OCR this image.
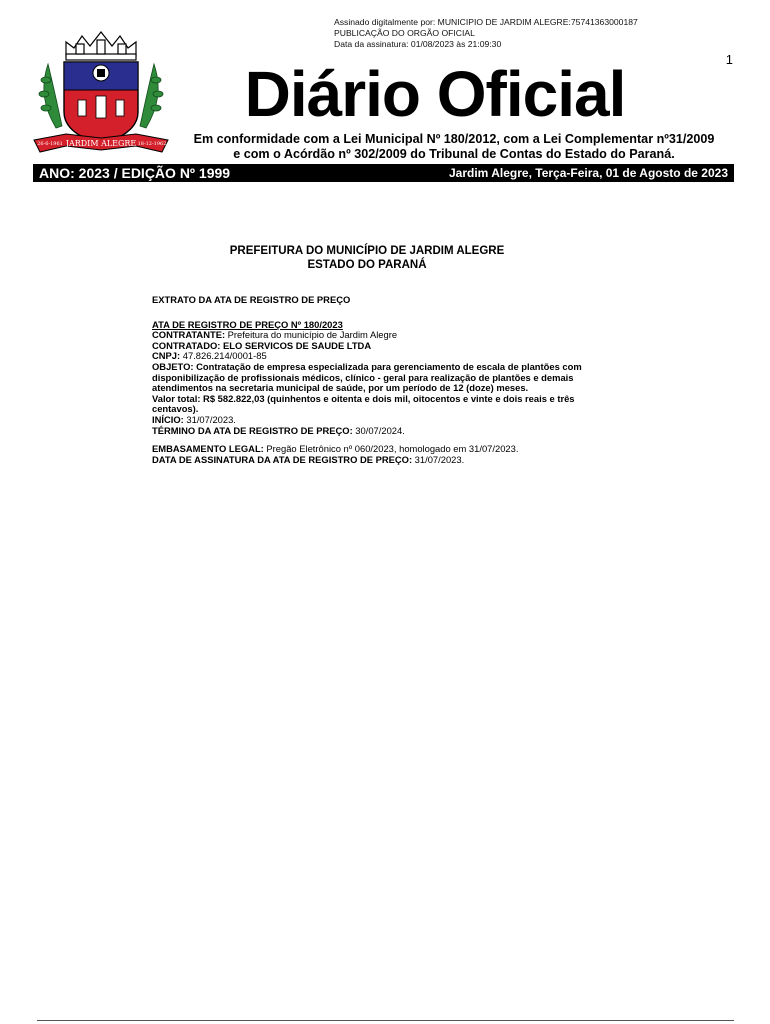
Assinado digitalmente por: MUNICIPIO DE JARDIM ALEGRE:75741363000187
PUBLICAÇÃO DO ORGÃO OFICIAL
Data da assinatura: 01/08/2023 às 21:09:30
1
JARDIM ALEGRE
26-6-1961	18-12-1962
Diário Oficial
Em conformidade com a Lei Municipal Nº 180/2012, com a Lei Complementar nº31/2009
e com o Acórdão nº 302/2009 do Tribunal de Contas do Estado do Paraná.
ANO: 2023 / EDIÇÃO Nº 1999	Jardim Alegre, Terça-Feira, 01 de Agosto de 2023
PREFEITURA DO MUNICÍPIO DE JARDIM ALEGRE
ESTADO DO PARANÁ

EXTRATO DA ATA DE REGISTRO DE PREÇO

ATA DE REGISTRO DE PREÇO Nº 180/2023

CONTRATANTE: Prefeitura do município de Jardim Alegre

CONTRATADO: ELO SERVICOS DE SAUDE LTDA

CNPJ: 47.826.214/0001-85

OBJETO: Contratação de empresa especializada para gerenciamento de escala de plantões com disponibilização de profissionais médicos, clínico - geral para realização de plantões e demais atendimentos na secretaria municipal de saúde, por um período de 12 (doze) meses.

Valor total: R$ 582.822,03 (quinhentos e oitenta e dois mil, oitocentos e vinte e dois reais e três centavos).

INÍCIO: 31/07/2023.

TÉRMINO DA ATA DE REGISTRO DE PREÇO: 30/07/2024.

EMBASAMENTO LEGAL: Pregão Eletrônico nº 060/2023, homologado em 31/07/2023.

DATA DE ASSINATURA DA ATA DE REGISTRO DE PREÇO: 31/07/2023.
